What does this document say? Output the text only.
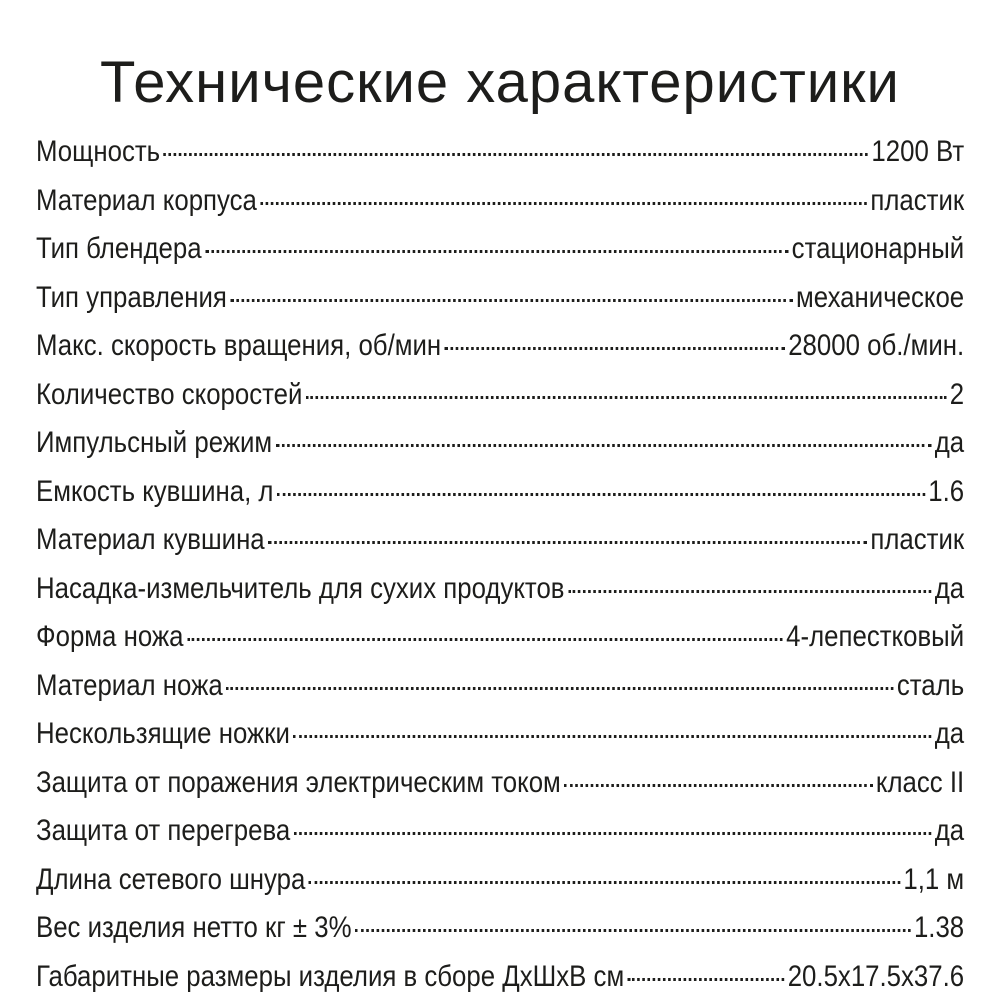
Технические характеристики
Мощность	1200 Вт
Материал корпуса	пластик
Тип блендера	стационарный
Тип управления	механическое
Макс. скорость вращения, об/мин	28000 об./мин.
Количество скоростей	2
Импульсный режим	да
Емкость кувшина, л	1.6
Материал кувшина	пластик
Насадка-измельчитель для сухих продуктов	да
Форма ножа	4-лепестковый
Материал ножа	сталь
Нескользящие ножки	да
Защита от поражения электрическим током	класс II
Защита от перегрева	да
Длина сетевого шнура	1,1 м
Вес изделия нетто кг ± 3%	1.38
Габаритные размеры изделия в сборе ДхШхВ см	20.5x17.5x37.6
